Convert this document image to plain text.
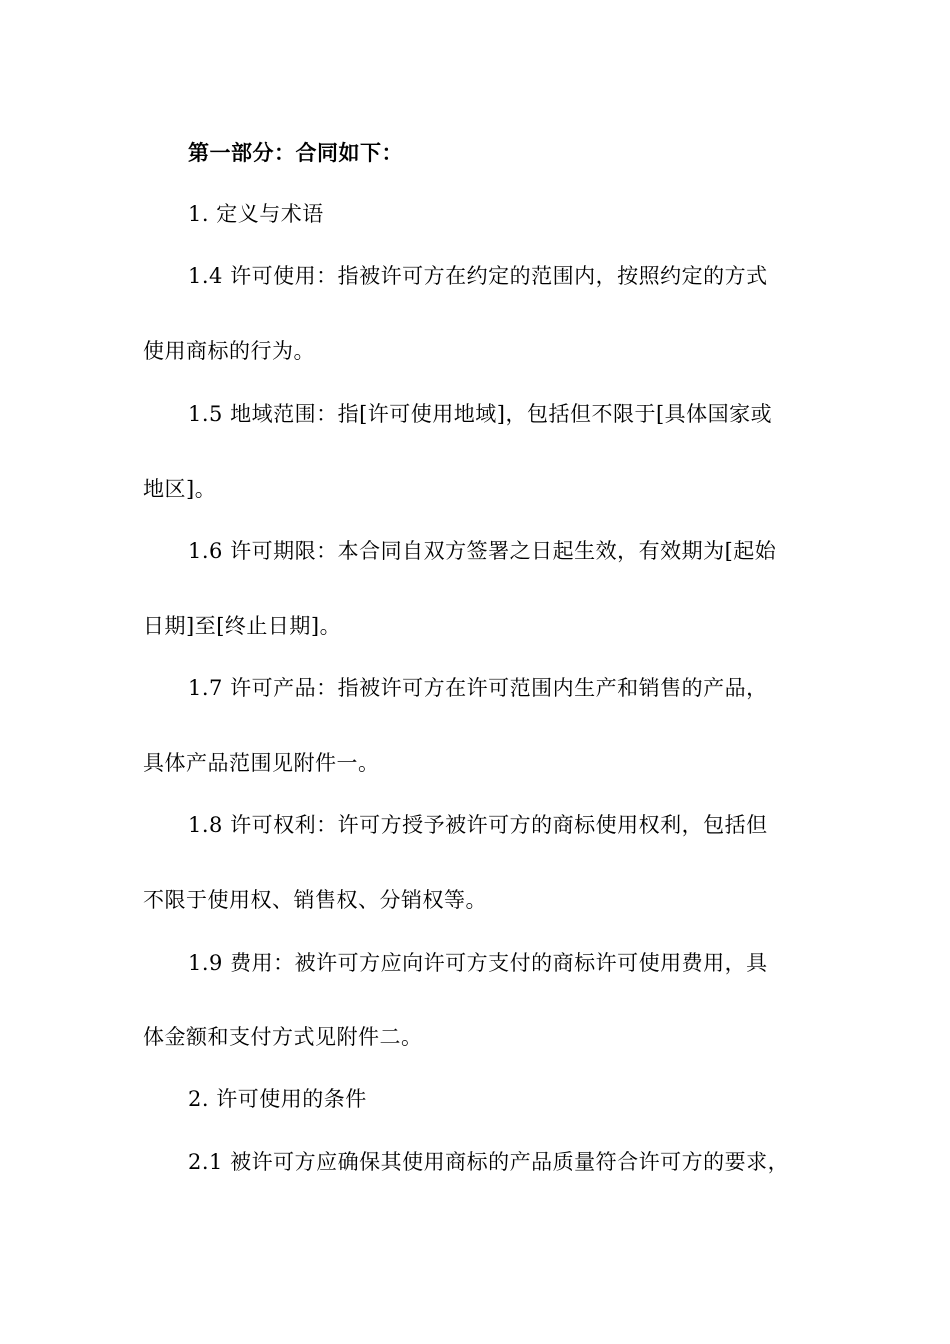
第一部分：合同如下：
1. 定义与术语
1.4 许可使用：指被许可方在约定的范围内，按照约定的方式
使用商标的行为。
1.5 地域范围：指[许可使用地域]，包括但不限于[具体国家或
地区]。
1.6 许可期限：本合同自双方签署之日起生效，有效期为[起始
日期]至[终止日期]。
1.7 许可产品：指被许可方在许可范围内生产和销售的产品，
具体产品范围见附件一。
1.8 许可权利：许可方授予被许可方的商标使用权利，包括但
不限于使用权、销售权、分销权等。
1.9 费用：被许可方应向许可方支付的商标许可使用费用，具
体金额和支付方式见附件二。
2. 许可使用的条件
2.1 被许可方应确保其使用商标的产品质量符合许可方的要求，
